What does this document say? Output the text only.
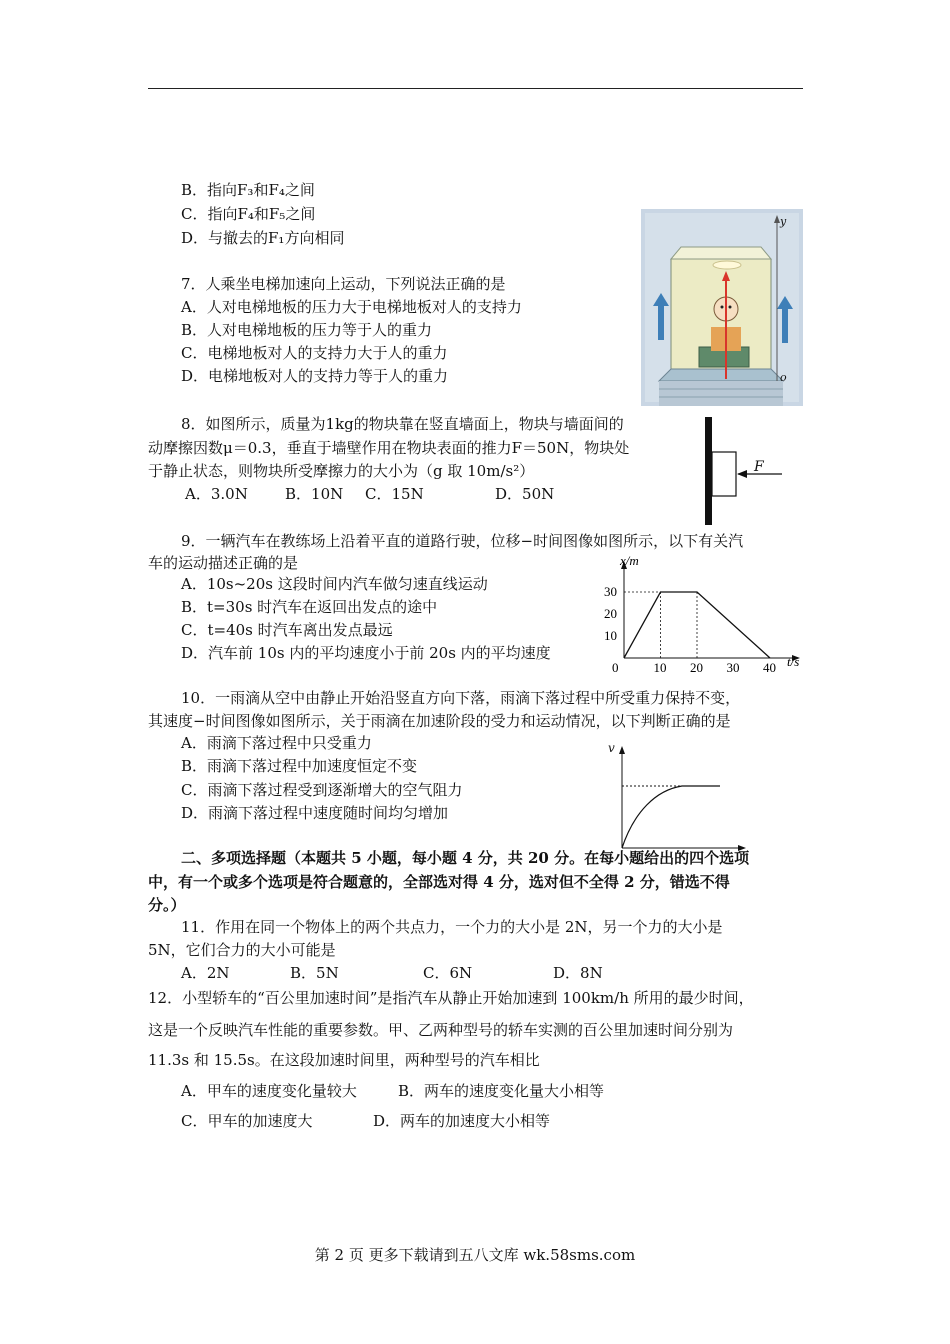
B．指向F₃和F₄之间
C．指向F₄和F₅之间
D．与撤去的F₁方向相同
7．人乘坐电梯加速向上运动，下列说法正确的是
A．人对电梯地板的压力大于电梯地板对人的支持力
B．人对电梯地板的压力等于人的重力
C．电梯地板对人的支持力大于人的重力
D．电梯地板对人的支持力等于人的重力
y
o
8．如图所示，质量为1kg的物块靠在竖直墙面上，物块与墙面间的
动摩擦因数μ＝0.3，垂直于墙壁作用在物块表面的推力F＝50N，物块处
于静止状态，则物块所受摩擦力的大小为（g 取 10m/s²）
A．3.0N B．10N C．15N	D．50N
F
9．一辆汽车在教练场上沿着平直的道路行驶，位移−时间图像如图所示，以下有关汽
车的运动描述正确的是
A．10s~20s 这段时间内汽车做匀速直线运动
B．t=30s 时汽车在返回出发点的途中
C．t=40s 时汽车离出发点最远
D．汽车前 10s 内的平均速度小于前 20s 内的平均速度
0	10 20 30 40
10
20
30
x/m
t/s
10．一雨滴从空中由静止开始沿竖直方向下落，雨滴下落过程中所受重力保持不变，
其速度−时间图像如图所示，关于雨滴在加速阶段的受力和运动情况，以下判断正确的是
A．雨滴下落过程中只受重力
B．雨滴下落过程中加速度恒定不变
C．雨滴下落过程受到逐渐增大的空气阻力
D．雨滴下落过程中速度随时间均匀增加
v
二、多项选择题（本题共 5 小题，每小题 4 分，共 20 分。在每小题给出的四个选项
中，有一个或多个选项是符合题意的，全部选对得 4 分，选对但不全得 2 分，错选不得
分。）
11．作用在同一个物体上的两个共点力，一个力的大小是 2N，另一个力的大小是
5N，它们合力的大小可能是
A．2N	B．5N	C．6N	D．8N
12．小型轿车的“百公里加速时间”是指汽车从静止开始加速到 100km/h 所用的最少时间，
这是一个反映汽车性能的重要参数。甲、乙两种型号的轿车实测的百公里加速时间分别为
11.3s 和 15.5s。在这段加速时间里，两种型号的汽车相比
A．甲车的速度变化量较大	B．两车的速度变化量大小相等
C．甲车的加速度大	D．两车的加速度大小相等
第 2 页 更多下载请到五八文库 wk.58sms.com
